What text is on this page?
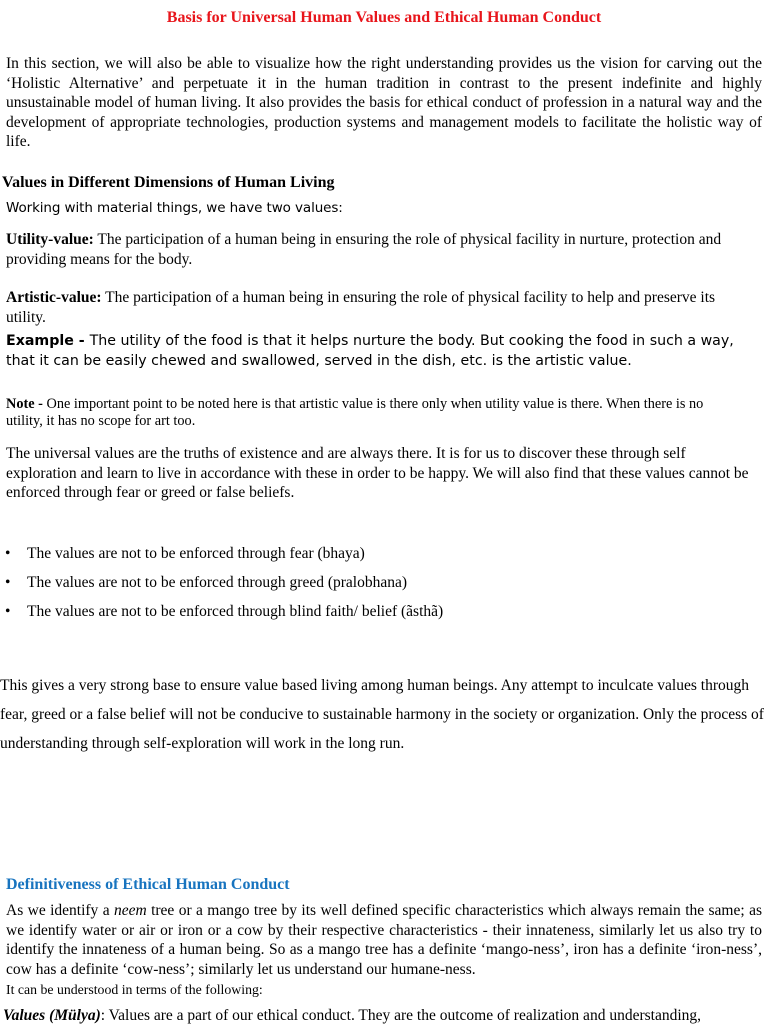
Basis for Universal Human Values and Ethical Human Conduct
In this section, we will also be able to visualize how the right understanding provides us the vision for carving out the ‘Holistic Alternative’ and perpetuate it in the human tradition in contrast to the present indefinite and highly unsustainable model of human living. It also provides the basis for ethical conduct of profession in a natural way and the development of appropriate technologies, production systems and management models to facilitate the holistic way of life.
Values in Different Dimensions of Human Living
Working with material things, we have two values:
Utility-value: The participation of a human being in ensuring the role of physical facility in nurture, protection and providing means for the body.
Artistic-value: The participation of a human being in ensuring the role of physical facility to help and preserve its utility.
Example - The utility of the food is that it helps nurture the body. But cooking the food in such a way, that it can be easily chewed and swallowed, served in the dish, etc. is the artistic value.
Note - One important point to be noted here is that artistic value is there only when utility value is there. When there is no utility, it has no scope for art too.
The universal values are the truths of existence and are always there. It is for us to discover these through self exploration and learn to live in accordance with these in order to be happy. We will also find that these values cannot be enforced through fear or greed or false beliefs.
• The values are not to be enforced through fear (bhaya)
• The values are not to be enforced through greed (pralobhana)
• The values are not to be enforced through blind faith/ belief (ãsthã)
This gives a very strong base to ensure value based living among human beings. Any attempt to inculcate values through fear, greed or a false belief will not be conducive to sustainable harmony in the society or organization. Only the process of understanding through self-exploration will work in the long run.
Definitiveness of Ethical Human Conduct
As we identify a neem tree or a mango tree by its well defined specific characteristics which always remain the same; as we identify water or air or iron or a cow by their respective characteristics - their innateness, similarly let us also try to identify the innateness of a human being. So as a mango tree has a definite ‘mango-ness’, iron has a definite ‘iron-ness’, cow has a definite ‘cow-ness’; similarly let us understand our humane-ness.
It can be understood in terms of the following:
Values (Mülya): Values are a part of our ethical conduct. They are the outcome of realization and understanding,
